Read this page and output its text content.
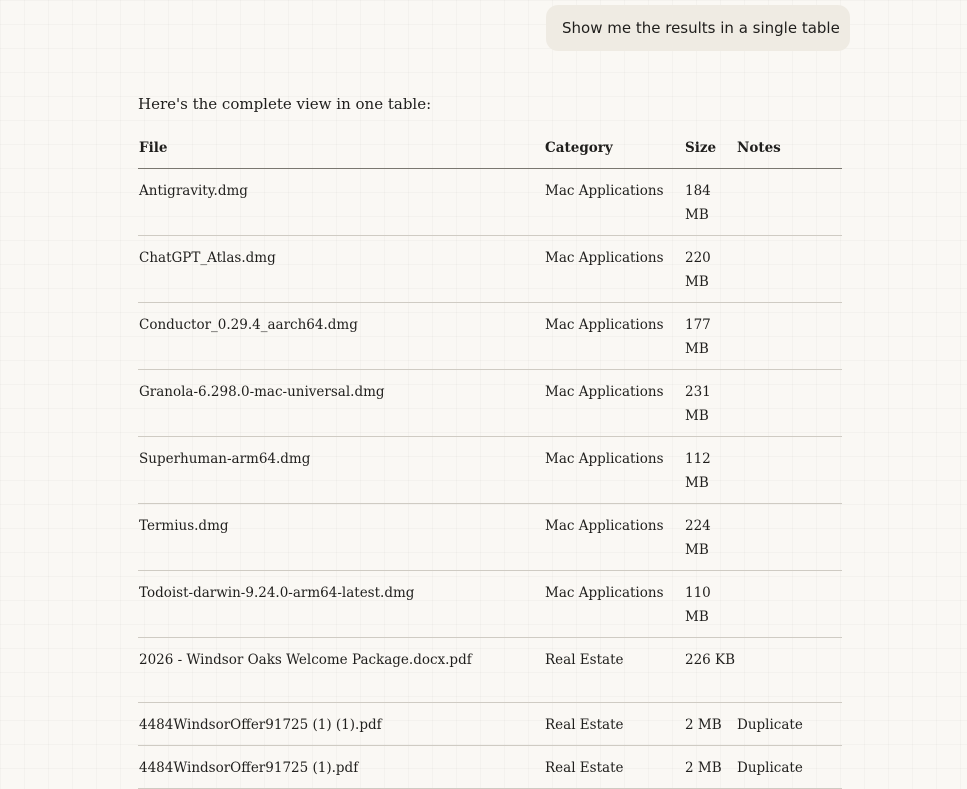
Show me the results in a single table
Here's the complete view in one table:
File	Category	Size	Notes
Antigravity.dmg	Mac Applications	184 MB	
ChatGPT_Atlas.dmg	Mac Applications	220 MB	
Conductor_0.29.4_aarch64.dmg	Mac Applications	177 MB	
Granola-6.298.0-mac-universal.dmg	Mac Applications	231 MB	
Superhuman-arm64.dmg	Mac Applications	112 MB	
Termius.dmg	Mac Applications	224 MB	
Todoist-darwin-9.24.0-arm64-latest.dmg	Mac Applications	110 MB	
2026 - Windsor Oaks Welcome Package.docx.pdf	Real Estate	226 KB	
4484WindsorOffer91725 (1) (1).pdf	Real Estate	2 MB	Duplicate
4484WindsorOffer91725 (1).pdf	Real Estate	2 MB	Duplicate
